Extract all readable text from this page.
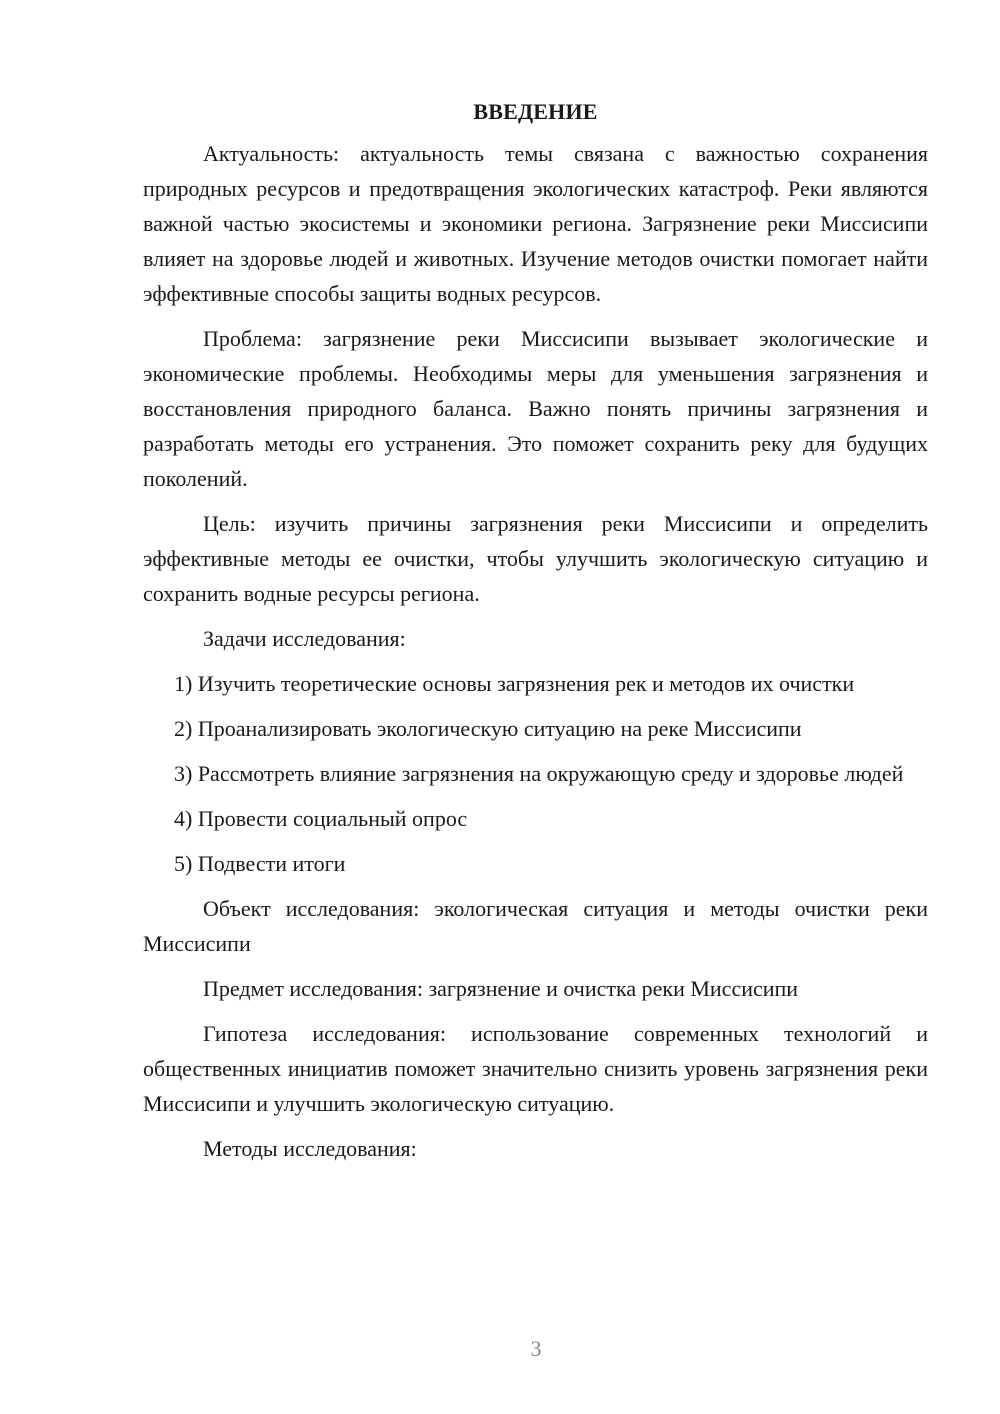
ВВЕДЕНИЕ

Актуальность: актуальность темы связана с важностью сохранения природных ресурсов и предотвращения экологических катастроф. Реки являются важной частью экосистемы и экономики региона. Загрязнение реки Миссисипи влияет на здоровье людей и животных. Изучение методов очистки помогает найти эффективные способы защиты водных ресурсов.

Проблема: загрязнение реки Миссисипи вызывает экологические и экономические проблемы. Необходимы меры для уменьшения загрязнения и восстановления природного баланса. Важно понять причины загрязнения и разработать методы его устранения. Это поможет сохранить реку для будущих поколений.

Цель: изучить причины загрязнения реки Миссисипи и определить эффективные методы ее очистки, чтобы улучшить экологическую ситуацию и сохранить водные ресурсы региона.

Задачи исследования:

1) Изучить теоретические основы загрязнения рек и методов их очистки

2) Проанализировать экологическую ситуацию на реке Миссисипи

3) Рассмотреть влияние загрязнения на окружающую среду и здоровье людей

4) Провести социальный опрос

5) Подвести итоги

Объект исследования: экологическая ситуация и методы очистки реки Миссисипи

Предмет исследования: загрязнение и очистка реки Миссисипи

Гипотеза исследования: использование современных технологий и общественных инициатив поможет значительно снизить уровень загрязнения реки Миссисипи и улучшить экологическую ситуацию.

Методы исследования:

3
